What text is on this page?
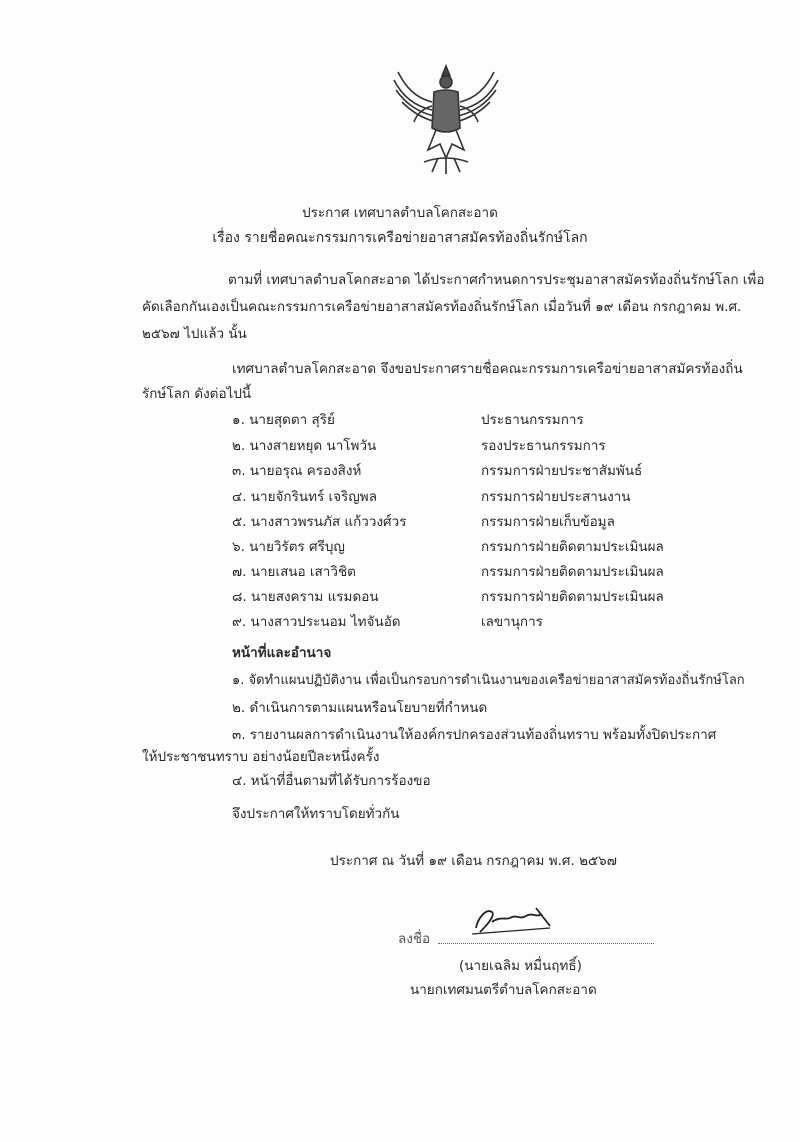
ประกาศ เทศบาลตำบลโคกสะอาด
เรื่อง รายชื่อคณะกรรมการเครือข่ายอาสาสมัครท้องถิ่นรักษ์โลก
ตามที่ เทศบาลตำบลโคกสะอาด ได้ประกาศกำหนดการประชุมอาสาสมัครท้องถิ่นรักษ์โลก เพื่อ
คัดเลือกกันเองเป็นคณะกรรมการเครือข่ายอาสาสมัครท้องถิ่นรักษ์โลก เมื่อวันที่ ๑๙ เดือน กรกฎาคม พ.ศ.
๒๕๖๗ ไปแล้ว นั้น
เทศบาลตำบลโคกสะอาด จึงขอประกาศรายชื่อคณะกรรมการเครือข่ายอาสาสมัครท้องถิ่น
รักษ์โลก ดังต่อไปนี้
๑. นายสุดตา สุริย์	ประธานกรรมการ
๒. นางสายหยุด นาโพวัน	รองประธานกรรมการ
๓. นายอรุณ ครองสิงห์	กรรมการฝ่ายประชาสัมพันธ์
๔. นายจักรินทร์ เจริญพล	กรรมการฝ่ายประสานงาน
๕. นางสาวพรนภัส แก้ววงศ์วร	กรรมการฝ่ายเก็บข้อมูล
๖. นายวิรัตร ศรีบุญ	กรรมการฝ่ายติดตามประเมินผล
๗. นายเสนอ เสาวิชิต	กรรมการฝ่ายติดตามประเมินผล
๘. นายสงคราม แรมดอน	กรรมการฝ่ายติดตามประเมินผล
๙. นางสาวประนอม ไทจันอัด	เลขานุการ
หน้าที่และอำนาจ
๑. จัดทำแผนปฏิบัติงาน เพื่อเป็นกรอบการดำเนินงานของเครือข่ายอาสาสมัครท้องถิ่นรักษ์โลก
๒. ดำเนินการตามแผนหรือนโยบายที่กำหนด
๓. รายงานผลการดำเนินงานให้องค์กรปกครองส่วนท้องถิ่นทราบ พร้อมทั้งปิดประกาศ
ให้ประชาชนทราบ อย่างน้อยปีละหนึ่งครั้ง
๔. หน้าที่อื่นตามที่ได้รับการร้องขอ
จึงประกาศให้ทราบโดยทั่วกัน
ประกาศ ณ วันที่ ๑๙ เดือน กรกฎาคม พ.ศ. ๒๕๖๗
ลงชื่อ
(นายเฉลิม หมื่นฤทธิ์)
นายกเทศมนตรีตำบลโคกสะอาด
